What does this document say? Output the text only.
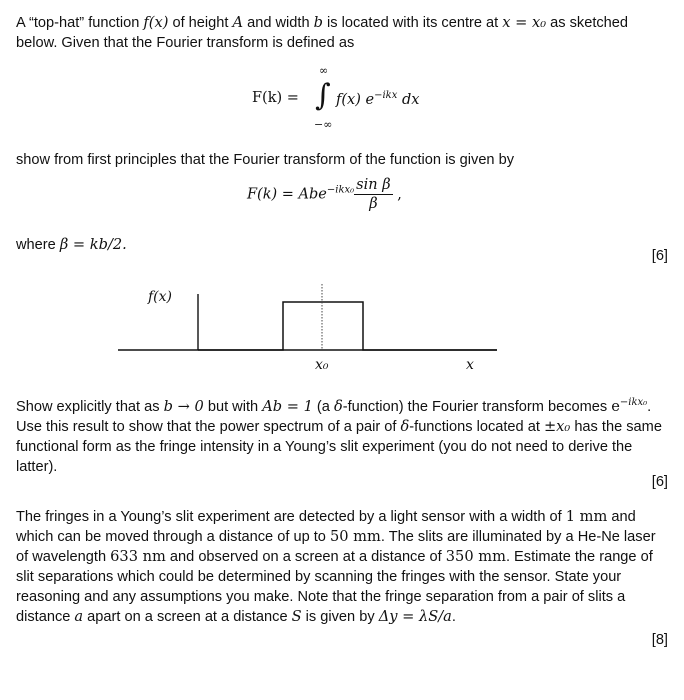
A “top-hat” function f(x) of height A and width b is located with its centre at x = x₀ as sketched below. Given that the Fourier transform is defined as

F(k) =
∞
∫
−∞
f(x) $e^{-ikx}$ dx

show from first principles that the Fourier transform of the function is given by

$F(k) = Abe^{-ikx_0} \frac{\text{sin β}}{\beta}$ ,

where β = kb/2.

[6]
f(x)
x₀	x

Show explicitly that as b → 0 but with Ab = 1 (a δ-function) the Fourier transform becomes $e^{-ikx_0}$. Use this result to show that the power spectrum of a pair of δ-functions located at ±x₀ has the same functional form as the fringe intensity in a Young’s slit experiment (you do not need to derive the latter).

[6]

The fringes in a Young’s slit experiment are detected by a light sensor with a width of 1 mm and which can be moved through a distance of up to 50 mm. The slits are illuminated by a He-Ne laser of wavelength 633 nm and observed on a screen at a distance of 350 mm. Estimate the range of slit separations which could be determined by scanning the fringes with the sensor. State your reasoning and any assumptions you make. Note that the fringe separation from a pair of slits a distance a apart on a screen at a distance S is given by Δy = λS/a.

[8]
